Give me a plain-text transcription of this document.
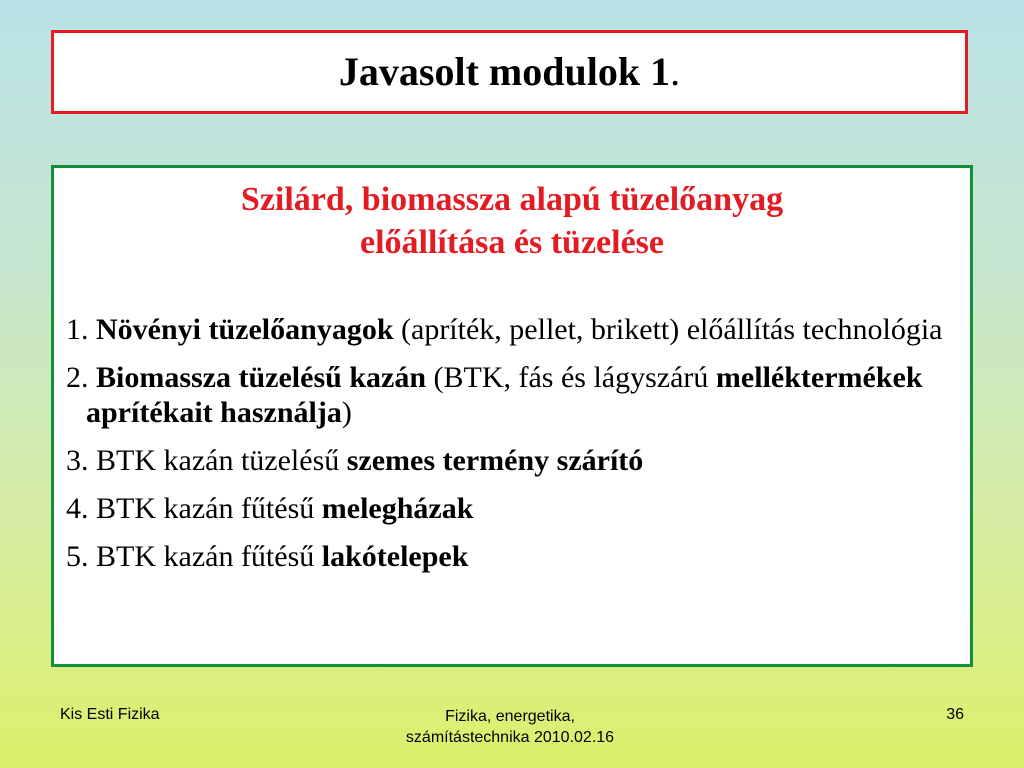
Javasolt modulok 1.

Szilárd, biomassza alapú tüzelőanyag
előállítása és tüzelése

1. Növényi tüzelőanyagok (apríték, pellet, brikett) előállítás technológia
2. Biomassza tüzelésű kazán (BTK, fás és lágyszárú melléktermékek aprítékait használja)
3. BTK kazán tüzelésű szemes termény szárító
4. BTK kazán fűtésű melegházak
5. BTK kazán fűtésű lakótelepek
Kis Esti Fizika	Fizika, energetika,
számítástechnika 2010.02.16
36
